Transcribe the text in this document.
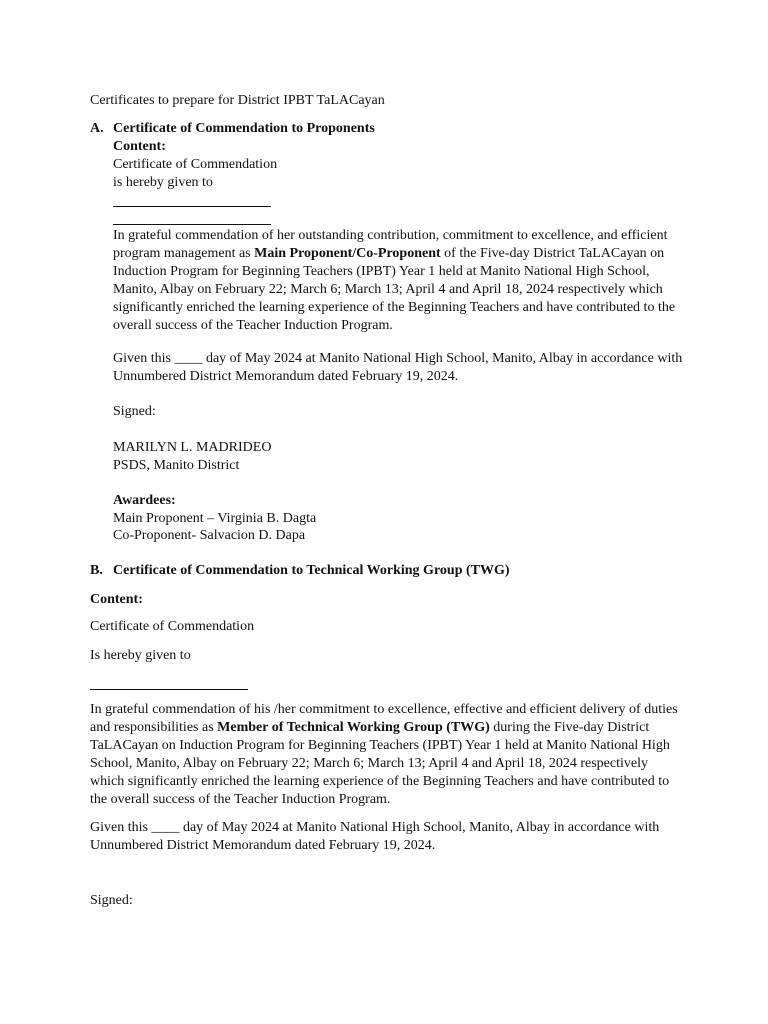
Certificates to prepare for District IPBT TaLACayan
A. Certificate of Commendation to Proponents
Content:
Certificate of Commendation
is hereby given to
In grateful commendation of her outstanding contribution, commitment to excellence, and efficient program management as Main Proponent/Co-Proponent of the Five-day District TaLACayan on Induction Program for Beginning Teachers (IPBT) Year 1 held at Manito National High School, Manito, Albay on February 22; March 6; March 13; April 4 and April 18, 2024 respectively which significantly enriched the learning experience of the Beginning Teachers and have contributed to the overall success of the Teacher Induction Program.
Given this ____ day of May 2024 at Manito National High School, Manito, Albay in accordance with Unnumbered District Memorandum dated February 19, 2024.
Signed:
MARILYN L. MADRIDEO
PSDS, Manito District
Awardees:
Main Proponent – Virginia B. Dagta
Co-Proponent- Salvacion D. Dapa
B. Certificate of Commendation to Technical Working Group (TWG)
Content:
Certificate of Commendation
Is hereby given to
In grateful commendation of his /her commitment to excellence, effective and efficient delivery of duties and responsibilities as Member of Technical Working Group (TWG) during the Five-day District TaLACayan on Induction Program for Beginning Teachers (IPBT) Year 1 held at Manito National High School, Manito, Albay on February 22; March 6; March 13; April 4 and April 18, 2024 respectively which significantly enriched the learning experience of the Beginning Teachers and have contributed to the overall success of the Teacher Induction Program.
Given this ____ day of May 2024 at Manito National High School, Manito, Albay in accordance with Unnumbered District Memorandum dated February 19, 2024.
Signed:
